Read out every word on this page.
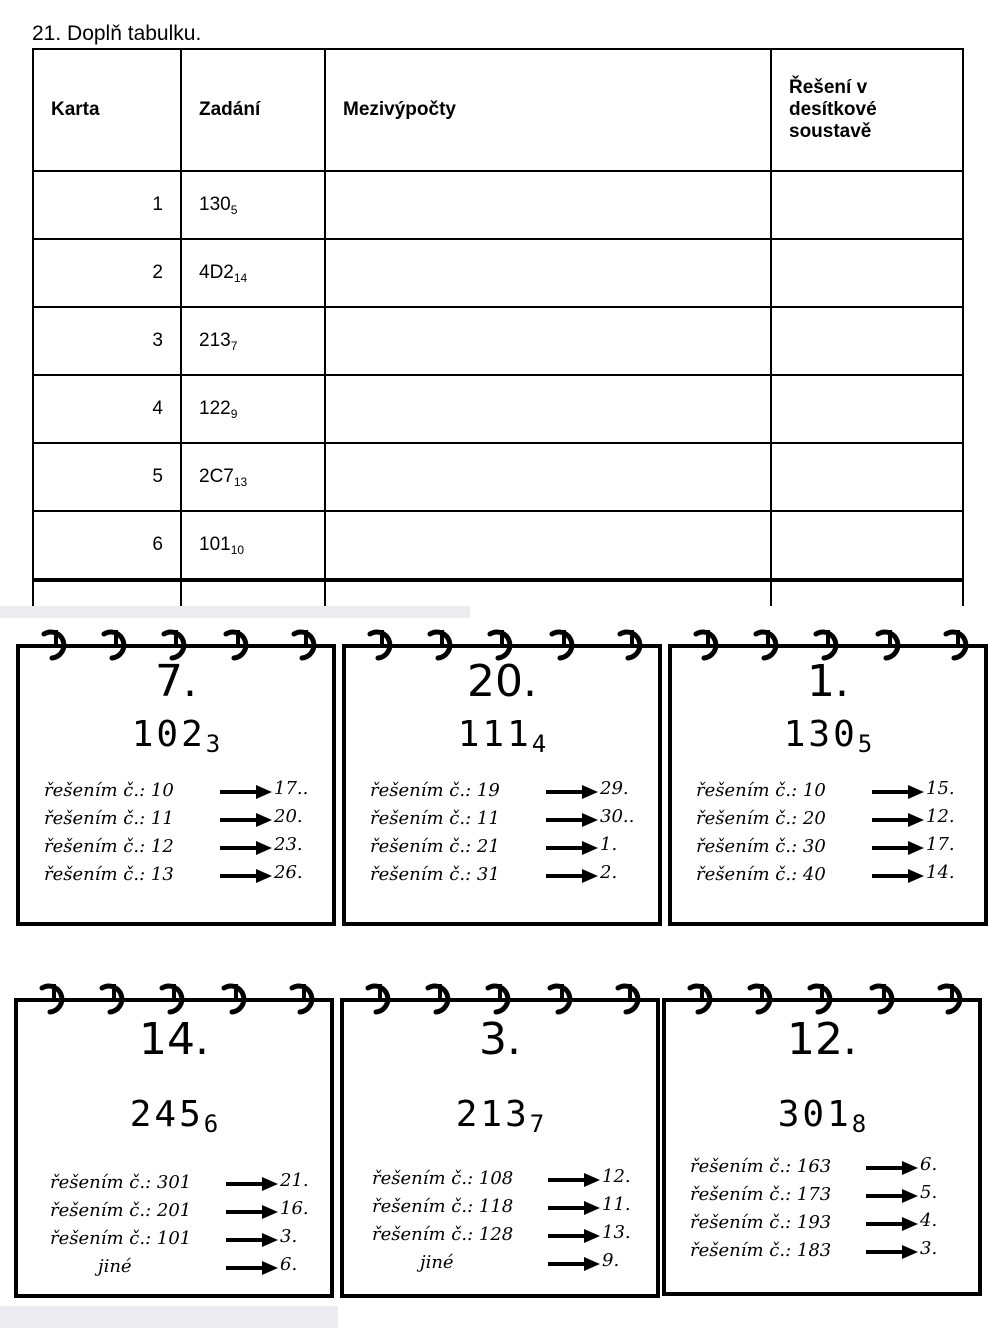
21. Doplň tabulku.
Karta	Zadání	Mezivýpočty	Řešení v desítkové soustavě
1	$130_5$		
2	$4D2_{14}$		
3	$213_7$		
4	$122_9$		
5	$2C7_{13}$		
6	$101_{10}$		
7.
$102_3$
řešením č.: 10	17..
řešením č.: 11	20.
řešením č.: 12	23.
řešením č.: 13	26.
20.
$111_4$
řešením č.: 19	29.
řešením č.: 11	30..
řešením č.: 21	1.
řešením č.: 31	2.
1.
$130_5$
řešením č.: 10	15.
řešením č.: 20	12.
řešením č.: 30	17.
řešením č.: 40	14.
14.
$245_6$
řešením č.: 301	21.
řešením č.: 201	16.
řešením č.: 101	3.
jiné	6.
3.
$213_7$
řešením č.: 108	12.
řešením č.: 118	11.
řešením č.: 128	13.
jiné	9.
12.
$301_8$
řešením č.: 163	6.
řešením č.: 173	5.
řešením č.: 193	4.
řešením č.: 183	3.
